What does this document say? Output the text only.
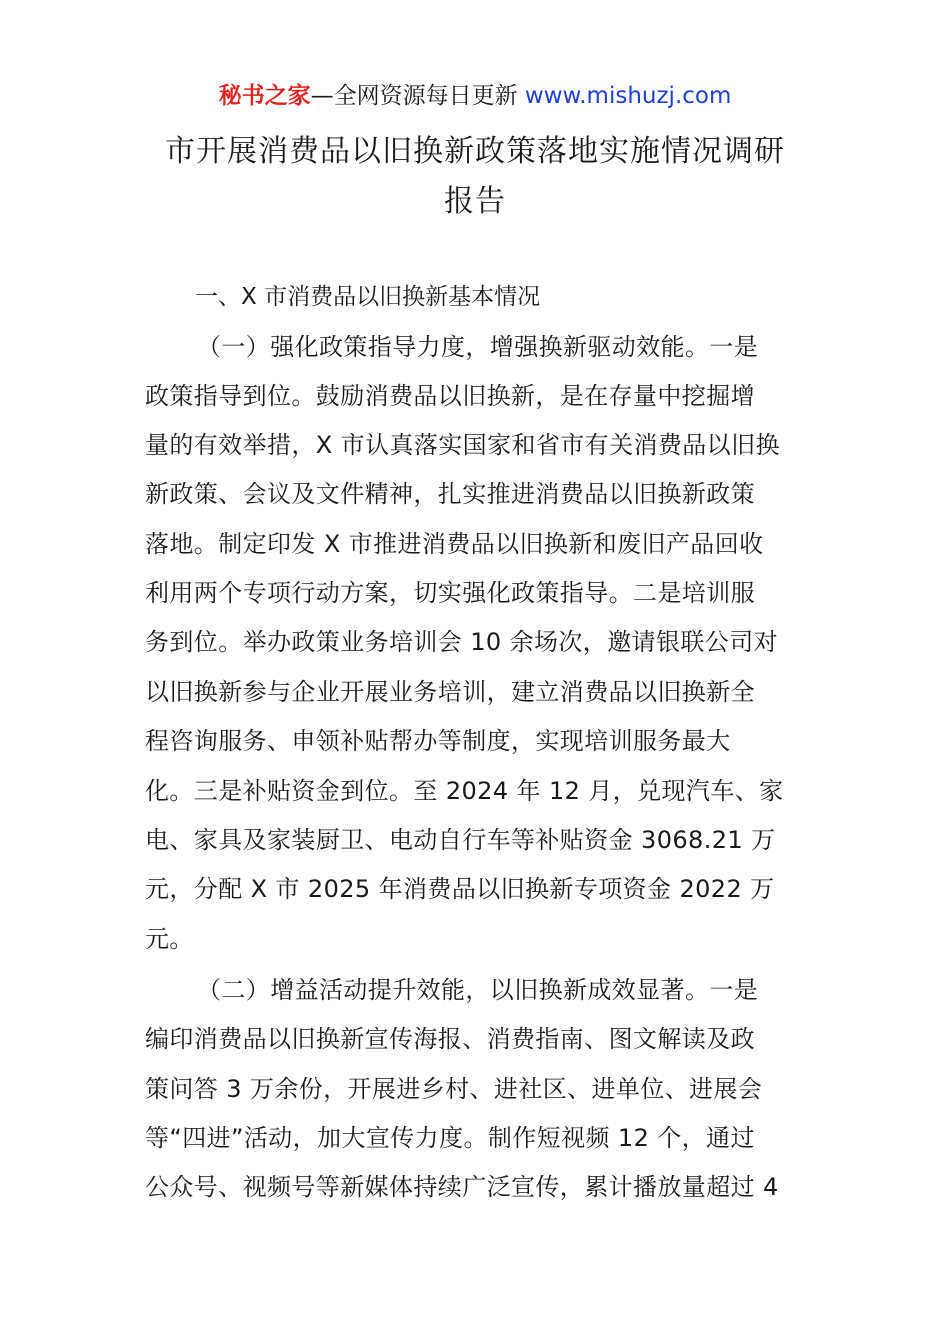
秘书之家—全网资源每日更新 www.mishuzj.com
市开展消费品以旧换新政策落地实施情况调研
报告
一、X 市消费品以旧换新基本情况
（一）强化政策指导力度，增强换新驱动效能。一是
政策指导到位。鼓励消费品以旧换新，是在存量中挖掘增
量的有效举措，X 市认真落实国家和省市有关消费品以旧换
新政策、会议及文件精神，扎实推进消费品以旧换新政策
落地。制定印发 X 市推进消费品以旧换新和废旧产品回收
利用两个专项行动方案，切实强化政策指导。二是培训服
务到位。举办政策业务培训会 10 余场次，邀请银联公司对
以旧换新参与企业开展业务培训，建立消费品以旧换新全
程咨询服务、申领补贴帮办等制度，实现培训服务最大
化。三是补贴资金到位。至 2024 年 12 月，兑现汽车、家
电、家具及家装厨卫、电动自行车等补贴资金 3068.21 万
元，分配 X 市 2025 年消费品以旧换新专项资金 2022 万
元。
（二）增益活动提升效能，以旧换新成效显著。一是
编印消费品以旧换新宣传海报、消费指南、图文解读及政
策问答 3 万余份，开展进乡村、进社区、进单位、进展会
等“四进”活动，加大宣传力度。制作短视频 12 个，通过
公众号、视频号等新媒体持续广泛宣传，累计播放量超过 4
